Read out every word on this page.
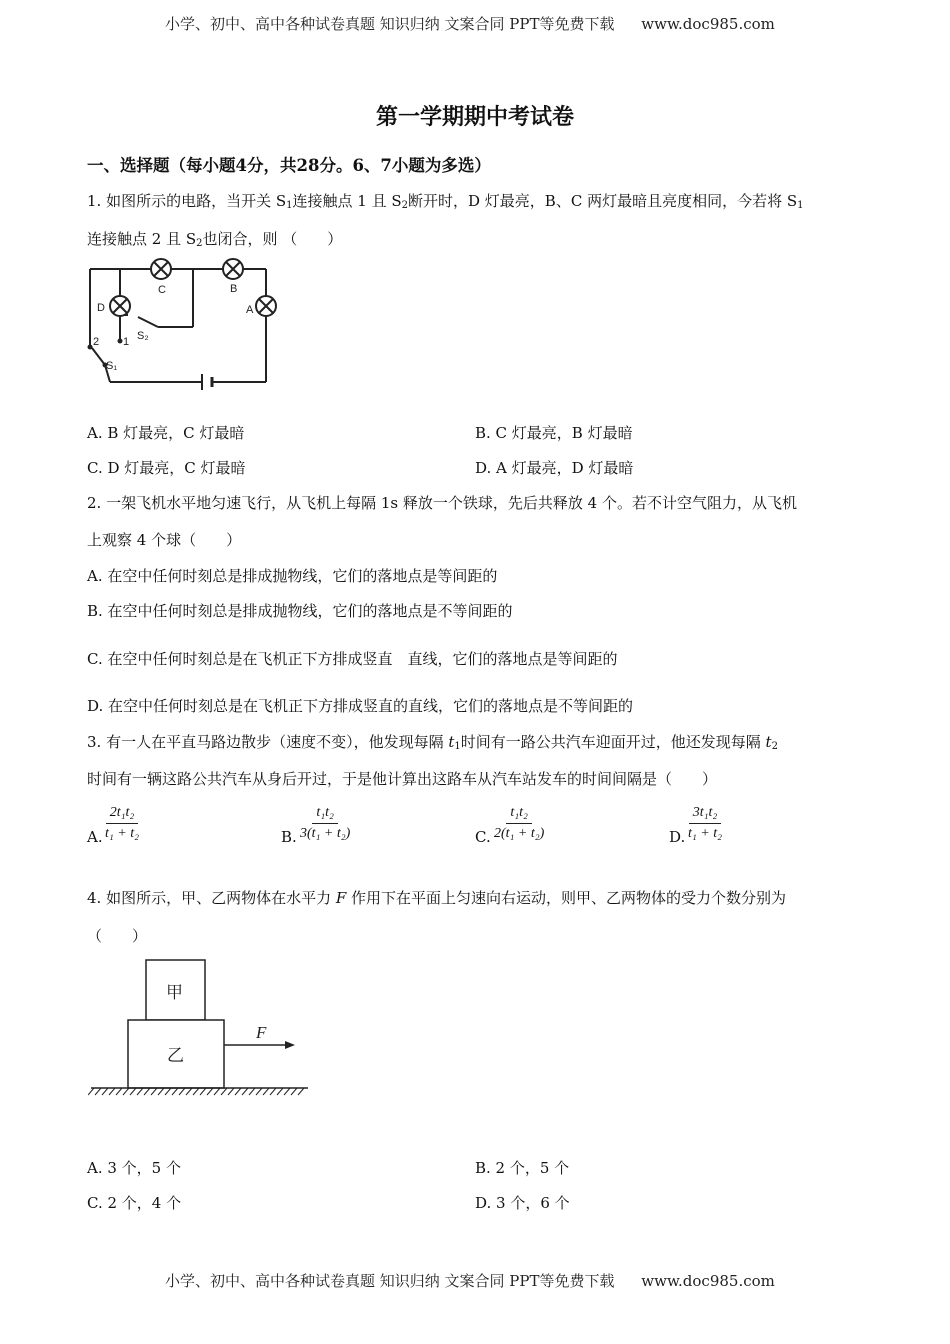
小学、初中、高中各种试卷真题 知识归纳 文案合同 PPT等免费下载 www.doc985.com
第一学期期中考试卷
一、选择题（每小题4分，共28分。6、7小题为多选）
1. 如图所示的电路，当开关 $S_1$连接触点 1 且 $S_2$断开时，D 灯最亮，B、C 两灯最暗且亮度相同，今若将 $S_1$
连接触点 2 且 $S_2$也闭合，则 （　　）
D
C	B
A
S₂
S₁
2 1
A. B 灯最亮，C 灯最暗	B. C 灯最亮，B 灯最暗
C. D 灯最亮，C 灯最暗	D. A 灯最亮，D 灯最暗
2. 一架飞机水平地匀速飞行，从飞机上每隔 1s 释放一个铁球，先后共释放 4 个。若不计空气阻力，从飞机
上观察 4 个球（　　）
A. 在空中任何时刻总是排成抛物线，它们的落地点是等间距的
B. 在空中任何时刻总是排成抛物线，它们的落地点是不等间距的
C. 在空中任何时刻总是在飞机正下方排成竖直　直线，它们的落地点是等间距的
D. 在空中任何时刻总是在飞机正下方排成竖直的直线，它们的落地点是不等间距的
3. 有一人在平直马路边散步（速度不变），他发现每隔 $t_1$时间有一路公共汽车迎面开过，他还发现每隔 $t_2$
时间有一辆这路公共汽车从身后开过，于是他计算出这路车从汽车站发车的时间间隔是（　　）
A. $\frac{\text{2t₁t₂}}{\text{t₁ + t₂}}$	B. $\frac{\text{t₁t₂}}{\text{3(t₁ + t₂)}}$	C. $\frac{\text{t₁t₂}}{\text{2(t₁ + t₂)}}$	D. $\frac{\text{3t₁t₂}}{\text{t₁ + t₂}}$
4. 如图所示，甲、乙两物体在水平力 F 作用下在平面上匀速向右运动，则甲、乙两物体的受力个数分别为
（　　）
甲
乙
F
A. 3 个，5 个	B. 2 个，5 个
C. 2 个，4 个	D. 3 个，6 个
小学、初中、高中各种试卷真题 知识归纳 文案合同 PPT等免费下载 www.doc985.com
